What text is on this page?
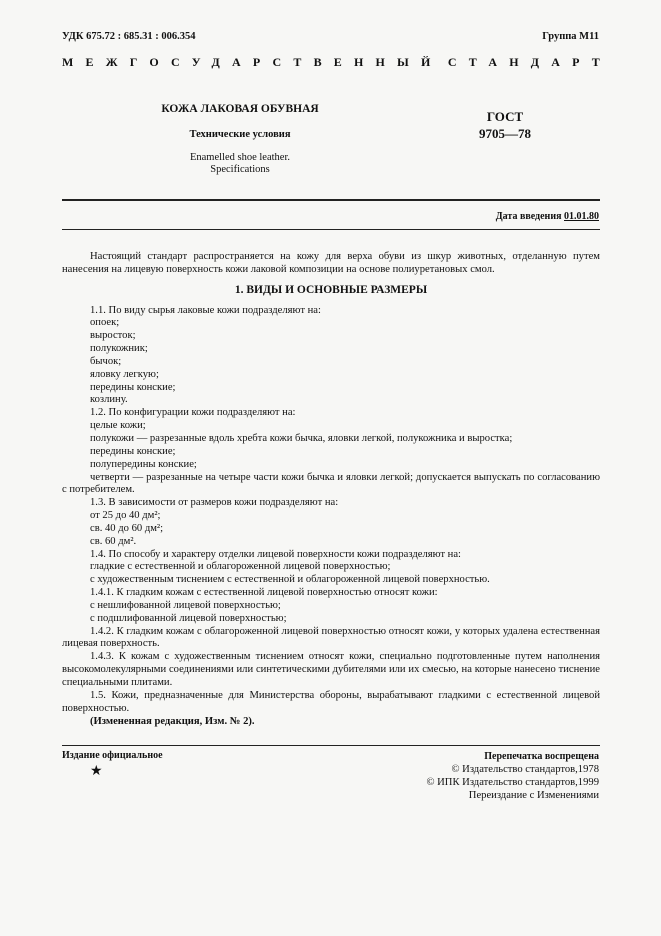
УДК 675.72 : 685.31 : 006.354	Группа М11
МЕЖГОСУДАРСТВЕННЫЙ СТАНДАРТ
КОЖА ЛАКОВАЯ ОБУВНАЯ
Технические условия
Enamelled shoe leather.
Specifications
ГОСТ
9705—78
Дата введения 01.01.80

Настоящий стандарт распространяется на кожу для верха обуви из шкур животных, отделанную путем нанесения на лицевую поверхность кожи лаковой композиции на основе полиуретановых смол.

1. ВИДЫ И ОСНОВНЫЕ РАЗМЕРЫ

1.1. По виду сырья лаковые кожи подразделяют на:

опоек;

выросток;

полукожник;

бычок;

яловку легкую;

передины конские;

козлину.

1.2. По конфигурации кожи подразделяют на:

целые кожи;

полукожи — разрезанные вдоль хребта кожи бычка, яловки легкой, полукожника и выростка;

передины конские;

полупередины конские;

четверти — разрезанные на четыре части кожи бычка и яловки легкой; допускается выпускать по согласованию с потребителем.

1.3. В зависимости от размеров кожи подразделяют на:

от 25 до 40 дм²;

св. 40 до 60 дм²;

св. 60 дм².

1.4. По способу и характеру отделки лицевой поверхности кожи подразделяют на:

гладкие с естественной и облагороженной лицевой поверхностью;

с художественным тиснением с естественной и облагороженной лицевой поверхностью.

1.4.1. К гладким кожам с естественной лицевой поверхностью относят кожи:

с нешлифованной лицевой поверхностью;

с подшлифованной лицевой поверхностью;

1.4.2. К гладким кожам с облагороженной лицевой поверхностью относят кожи, у которых удалена естественная лицевая поверхность.

1.4.3. К кожам с художественным тиснением относят кожи, специально подготовленные путем наполнения высокомолекулярными соединениями или синтетическими дубителями или их смесью, на которые нанесено тиснение специальными плитами.

1.5. Кожи, предназначенные для Министерства обороны, вырабатывают гладкими с естественной лицевой поверхностью.

(Измененная редакция, Изм. № 2).

Издание официальное
★
Перепечатка воспрещена
© Издательство стандартов,1978
© ИПК Издательство стандартов,1999
Переиздание с Изменениями
